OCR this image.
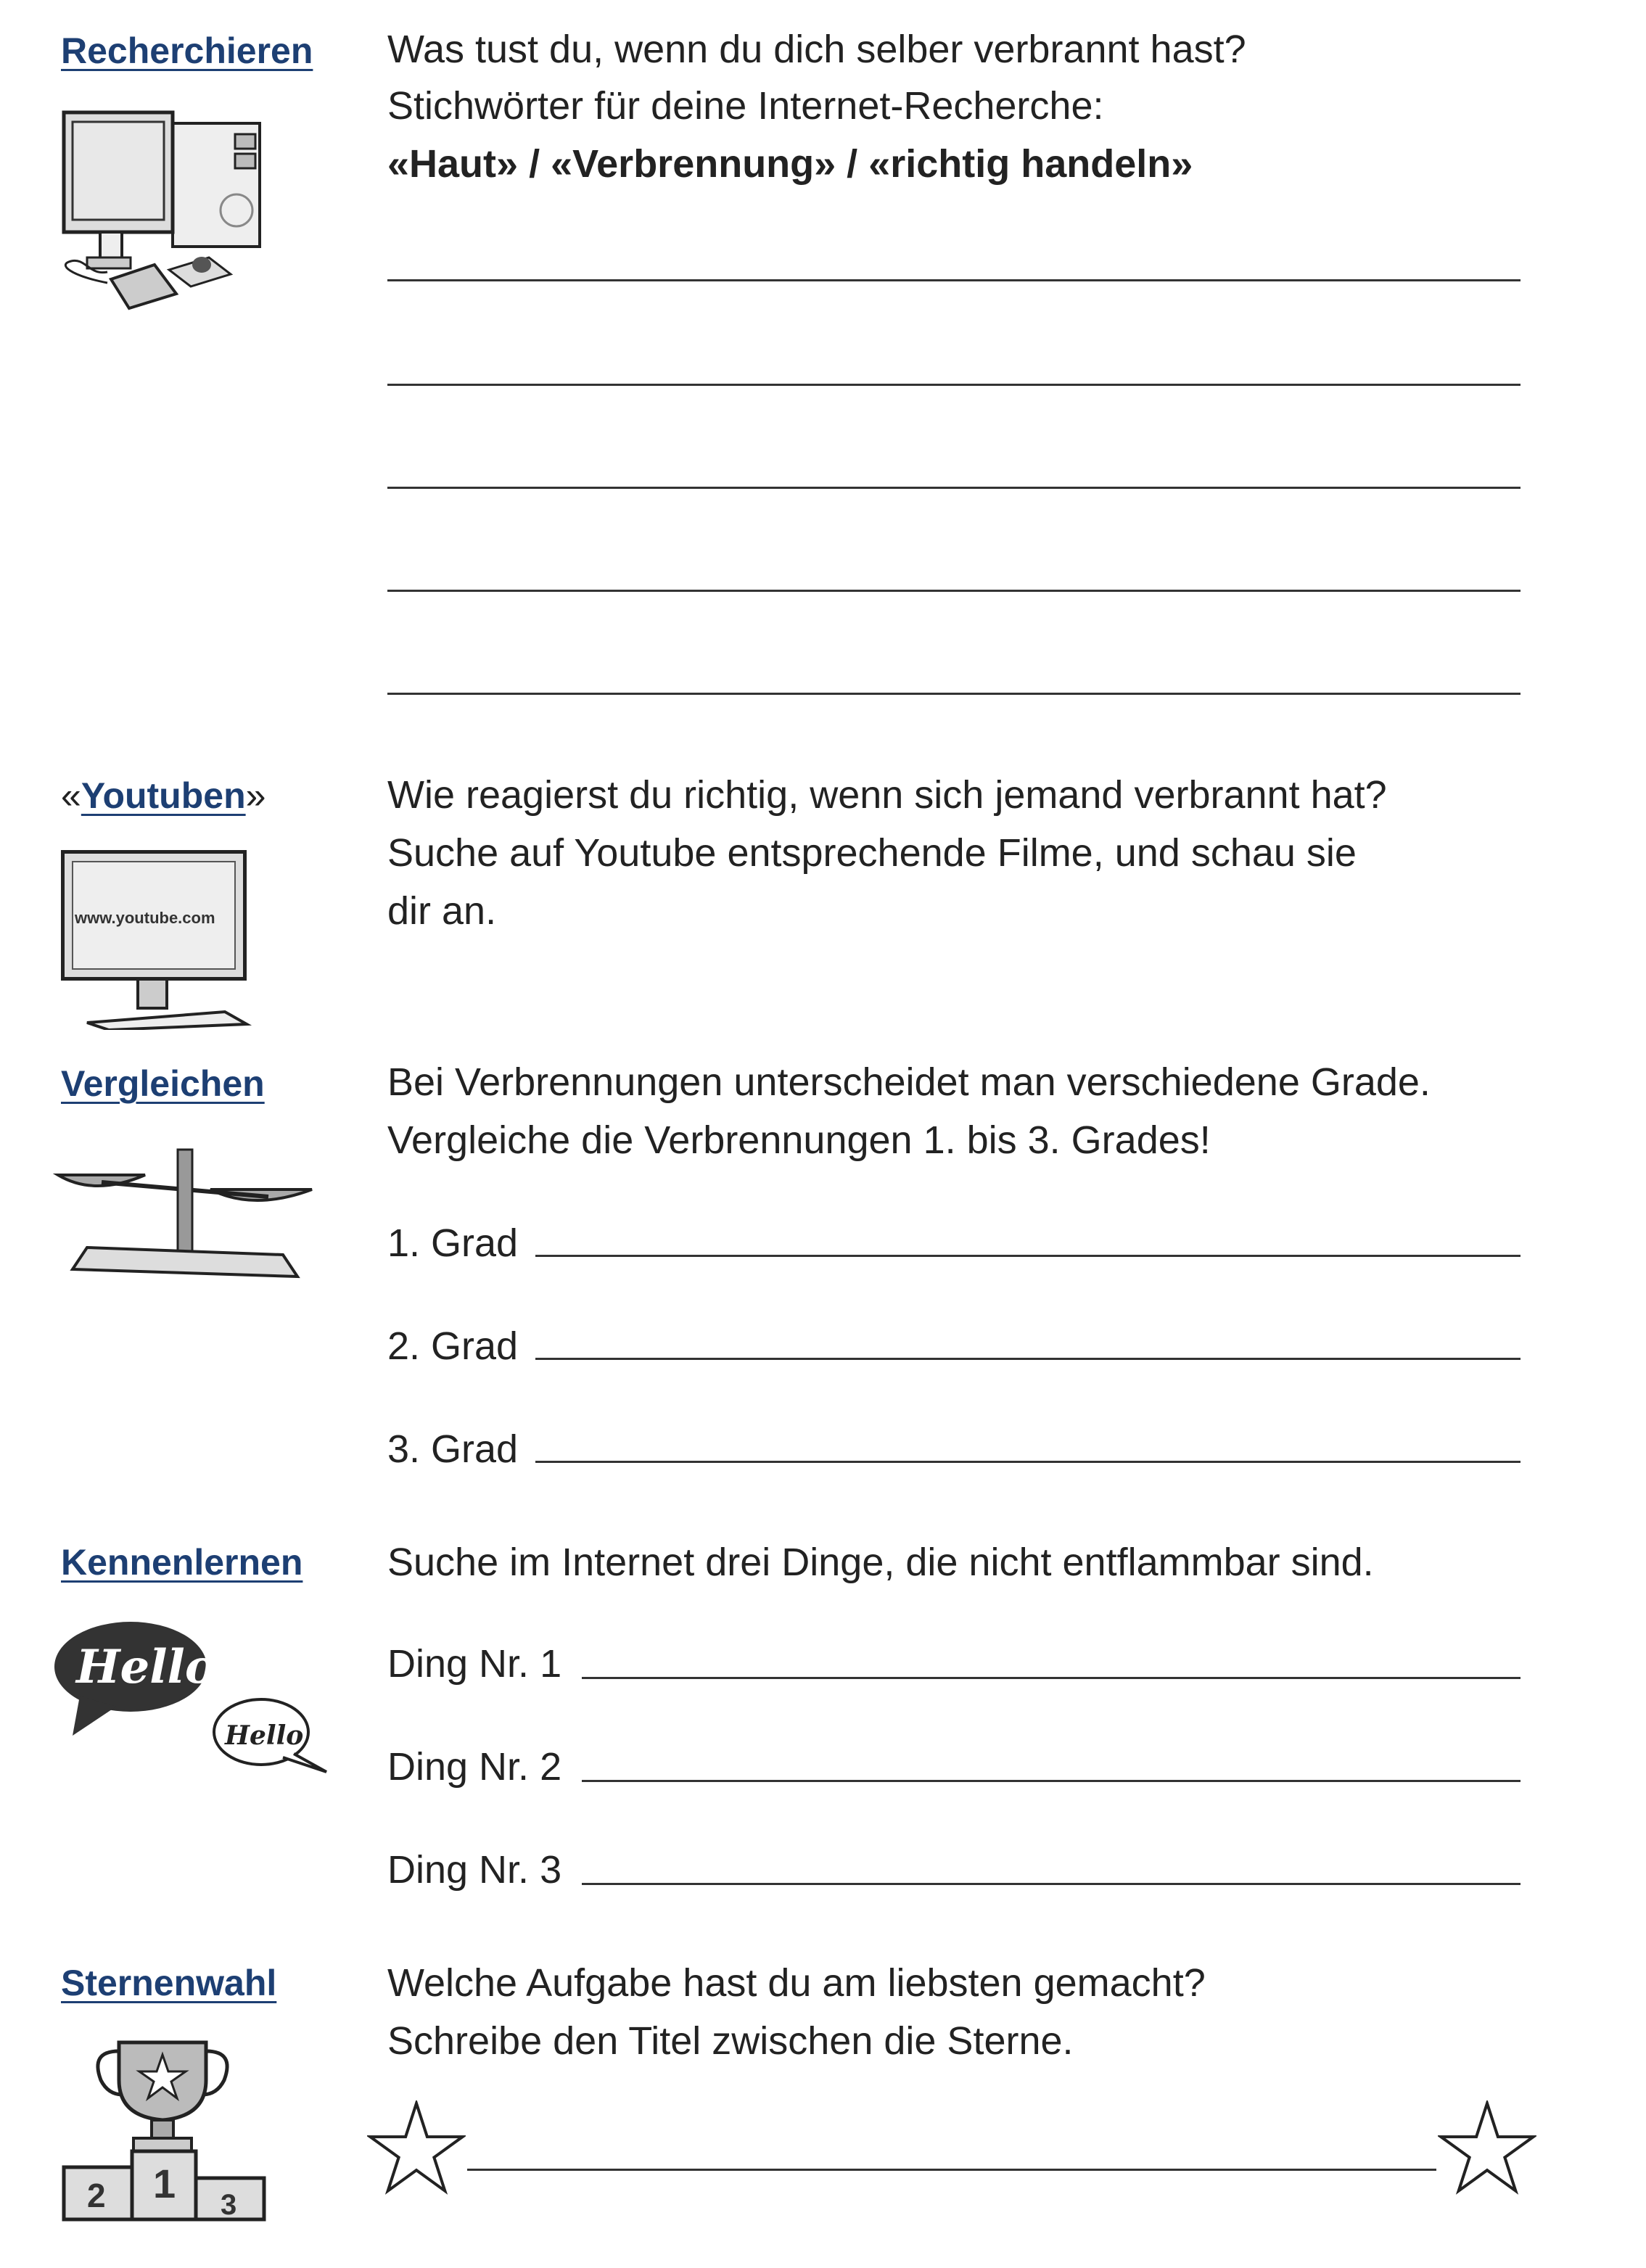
Recherchieren Was tust du, wenn du dich selber verbrannt hast?
Stichwörter für deine Internet-Recherche:
«Haut» / «Verbrennung» / «richtig handeln»
«Youtuben»	Wie reagierst du richtig, wenn sich jemand verbrannt hat?
Suche auf Youtube entsprechende Filme, und schau sie
dir an.
www.youtube.com
Vergleichen	Bei Verbrennungen unterscheidet man verschiedene Grade.
Vergleiche die Verbrennungen 1. bis 3. Grades!
1. Grad
2. Grad
3. Grad
Kennenlernen Suche im Internet drei Dinge, die nicht entflammbar sind.
Hello
Hello
Ding Nr. 1
Ding Nr. 2
Ding Nr. 3
Sternenwahl	Welche Aufgabe hast du am liebsten gemacht?
Schreibe den Titel zwischen die Sterne.
2 1 3
